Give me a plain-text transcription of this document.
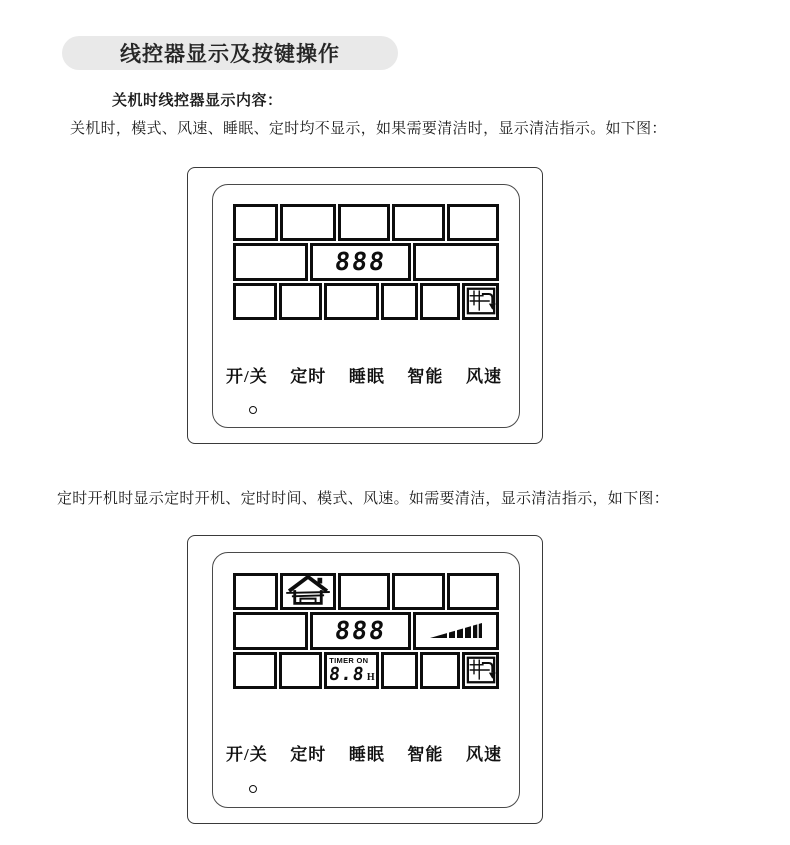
线控器显示及按键操作
关机时线控器显示内容：
关机时，模式、风速、睡眠、定时均不显示，如果需要清洁时，显示清洁指示。如下图：
定时开机时显示定时开机、定时时间、模式、风速。如需要清洁，显示清洁指示，如下图：
888
开/关 定时 睡眠 智能 风速
888
TIMER ON
8.8 H
开/关 定时 睡眠 智能 风速
